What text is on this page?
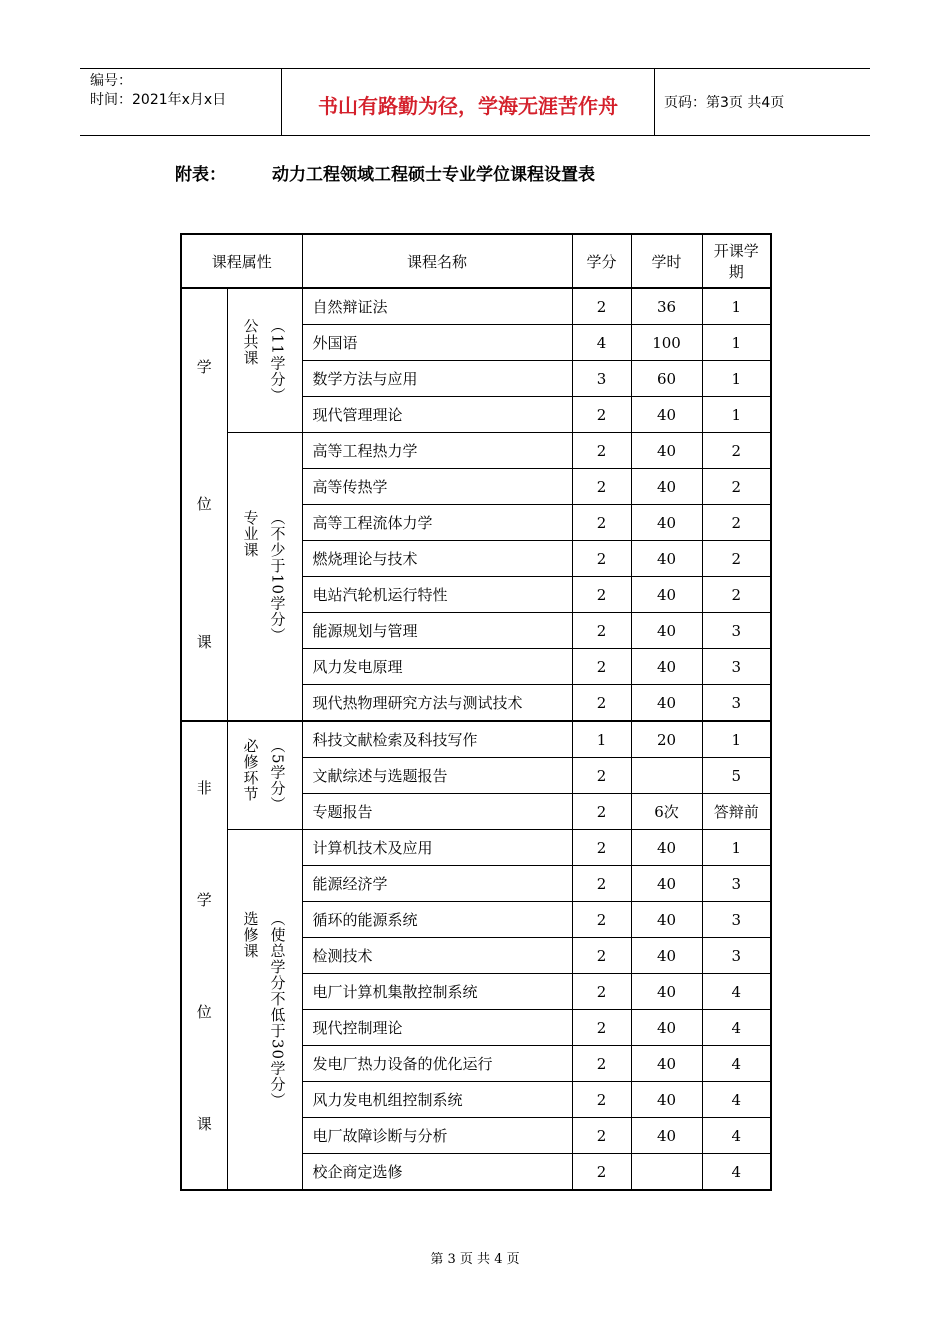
编号：
时间：2021年x月x日	书山有路勤为径，学海无涯苦作舟	页码：第3页 共4页
附表：	动力工程领域工程硕士专业学位课程设置表
课程属性		课程名称	学分	学时	开课学期

学
位
课	公共课 （11学分）	自然辩证法	2	36	1
		外国语	4	100	1
		数学方法与应用	3	60	1
		现代管理理论	2	40	1

	专业课 （不少于10学分）	高等工程热力学	2	40	2
		高等传热学	2	40	2
		高等工程流体力学	2	40	2
		燃烧理论与技术	2	40	2
		电站汽轮机运行特性	2	40	2
		能源规划与管理	2	40	3
		风力发电原理	2	40	3
		现代热物理研究方法与测试技术	2	40	3

非
学
位
课	必修环节 （5学分）	科技文献检索及科技写作	1	20	1
		文献综述与选题报告	2		5
		专题报告	2	6次	答辩前

	选修课 （使总学分不低于30学分）	计算机技术及应用	2	40	1
		能源经济学	2	40	3
		循环的能源系统	2	40	3
		检测技术	2	40	3
		电厂计算机集散控制系统	2	40	4
		现代控制理论	2	40	4
		发电厂热力设备的优化运行	2	40	4
		风力发电机组控制系统	2	40	4
		电厂故障诊断与分析	2	40	4
		校企商定选修	2		4
第 3 页 共 4 页
